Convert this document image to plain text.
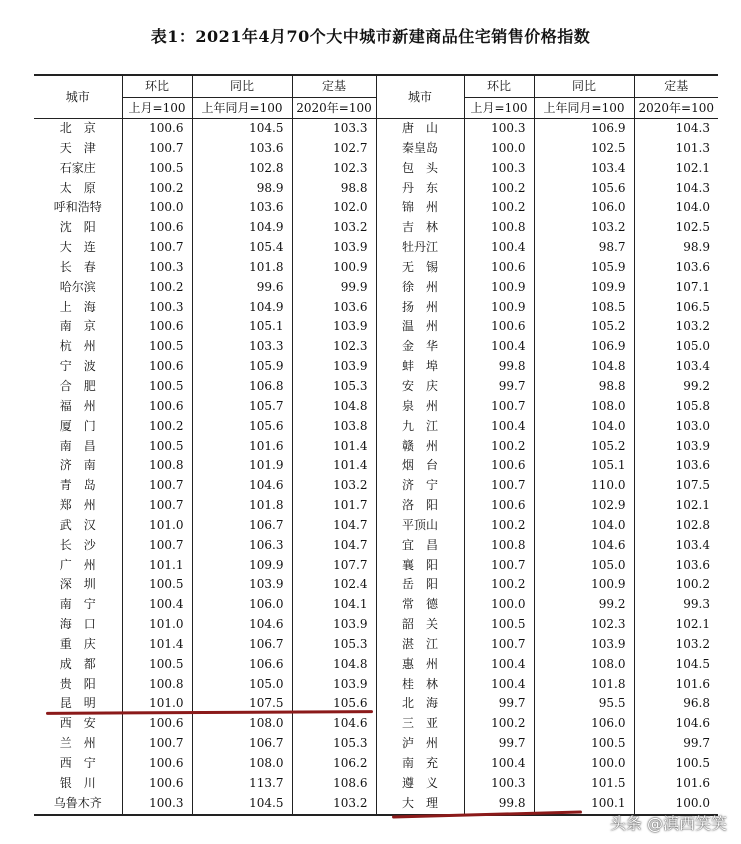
表1：2021年4月70个大中城市新建商品住宅销售价格指数
城市	环比	同比	定基	城市	环比	同比	定基
	上月=100	上年同月=100	2020年=100		上月=100	上年同月=100	2020年=100
北　京	100.6	104.5	103.3	唐　山	100.3	106.9	104.3
天　津	100.7	103.6	102.7	秦皇岛	100.0	102.5	101.3
石家庄	100.5	102.8	102.3	包　头	100.3	103.4	102.1
太　原	100.2	98.9	98.8	丹　东	100.2	105.6	104.3
呼和浩特	100.0	103.6	102.0	锦　州	100.2	106.0	104.0
沈　阳	100.6	104.9	103.2	吉　林	100.8	103.2	102.5
大　连	100.7	105.4	103.9	牡丹江	100.4	98.7	98.9
长　春	100.3	101.8	100.9	无　锡	100.6	105.9	103.6
哈尔滨	100.2	99.6	99.9	徐　州	100.9	109.9	107.1
上　海	100.3	104.9	103.6	扬　州	100.9	108.5	106.5
南　京	100.6	105.1	103.9	温　州	100.6	105.2	103.2
杭　州	100.5	103.3	102.3	金　华	100.4	106.9	105.0
宁　波	100.6	105.9	103.9	蚌　埠	99.8	104.8	103.4
合　肥	100.5	106.8	105.3	安　庆	99.7	98.8	99.2
福　州	100.6	105.7	104.8	泉　州	100.7	108.0	105.8
厦　门	100.2	105.6	103.8	九　江	100.4	104.0	103.0
南　昌	100.5	101.6	101.4	赣　州	100.2	105.2	103.9
济　南	100.8	101.9	101.4	烟　台	100.6	105.1	103.6
青　岛	100.7	104.6	103.2	济　宁	100.7	110.0	107.5
郑　州	100.7	101.8	101.7	洛　阳	100.6	102.9	102.1
武　汉	101.0	106.7	104.7	平顶山	100.2	104.0	102.8
长　沙	100.7	106.3	104.7	宜　昌	100.8	104.6	103.4
广　州	101.1	109.9	107.7	襄　阳	100.7	105.0	103.6
深　圳	100.5	103.9	102.4	岳　阳	100.2	100.9	100.2
南　宁	100.4	106.0	104.1	常　德	100.0	99.2	99.3
海　口	101.0	104.6	103.9	韶　关	100.5	102.3	102.1
重　庆	101.4	106.7	105.3	湛　江	100.7	103.9	103.2
成　都	100.5	106.6	104.8	惠　州	100.4	108.0	104.5
贵　阳	100.8	105.0	103.9	桂　林	100.4	101.8	101.6
昆　明	101.0	107.5	105.6	北　海	99.7	95.5	96.8
西　安	100.6	108.0	104.6	三　亚	100.2	106.0	104.6
兰　州	100.7	106.7	105.3	泸　州	99.7	100.5	99.7
西　宁	100.6	108.0	106.2	南　充	100.4	100.0	100.5
银　川	100.6	113.7	108.6	遵　义	100.3	101.5	101.6
乌鲁木齐	100.3	104.5	103.2	大　理	99.8	100.1	100.0
头条 @滇西笑笑
